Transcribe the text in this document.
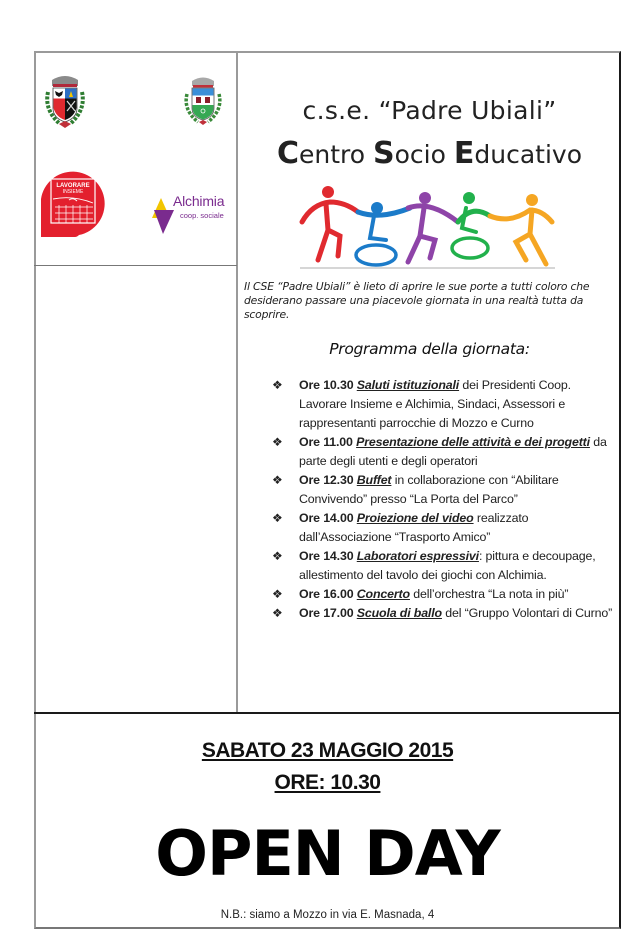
LAVORARE
INSIEME
Alchimia
coop. sociale
c.s.e. “Padre Ubiali”
Centro Socio Educativo
Il CSE “Padre Ubiali” è lieto di aprire le sue porte a tutti coloro che desiderano passare una piacevole giornata in una realtà tutta da scoprire.
Programma della giornata:
❖ Ore 10.30 Saluti istituzionali dei Presidenti Coop. Lavorare Insieme e Alchimia, Sindaci, Assessori e rappresentanti parrocchie di Mozzo e Curno
❖ Ore 11.00 Presentazione delle attività e dei progetti da parte degli utenti e degli operatori
❖ Ore 12.30 Buffet in collaborazione con “Abilitare Convivendo” presso “La Porta del Parco”
❖ Ore 14.00 Proiezione del video realizzato dall’Associazione “Trasporto Amico”
❖ Ore 14.30 Laboratori espressivi: pittura e decoupage, allestimento del tavolo dei giochi con Alchimia.
❖ Ore 16.00 Concerto dell’orchestra “La nota in più”
❖ Ore 17.00 Scuola di ballo del “Gruppo Volontari di Curno”
SABATO 23 MAGGIO 2015
ORE: 10.30
OPEN DAY
N.B.: siamo a Mozzo in via E. Masnada, 4
